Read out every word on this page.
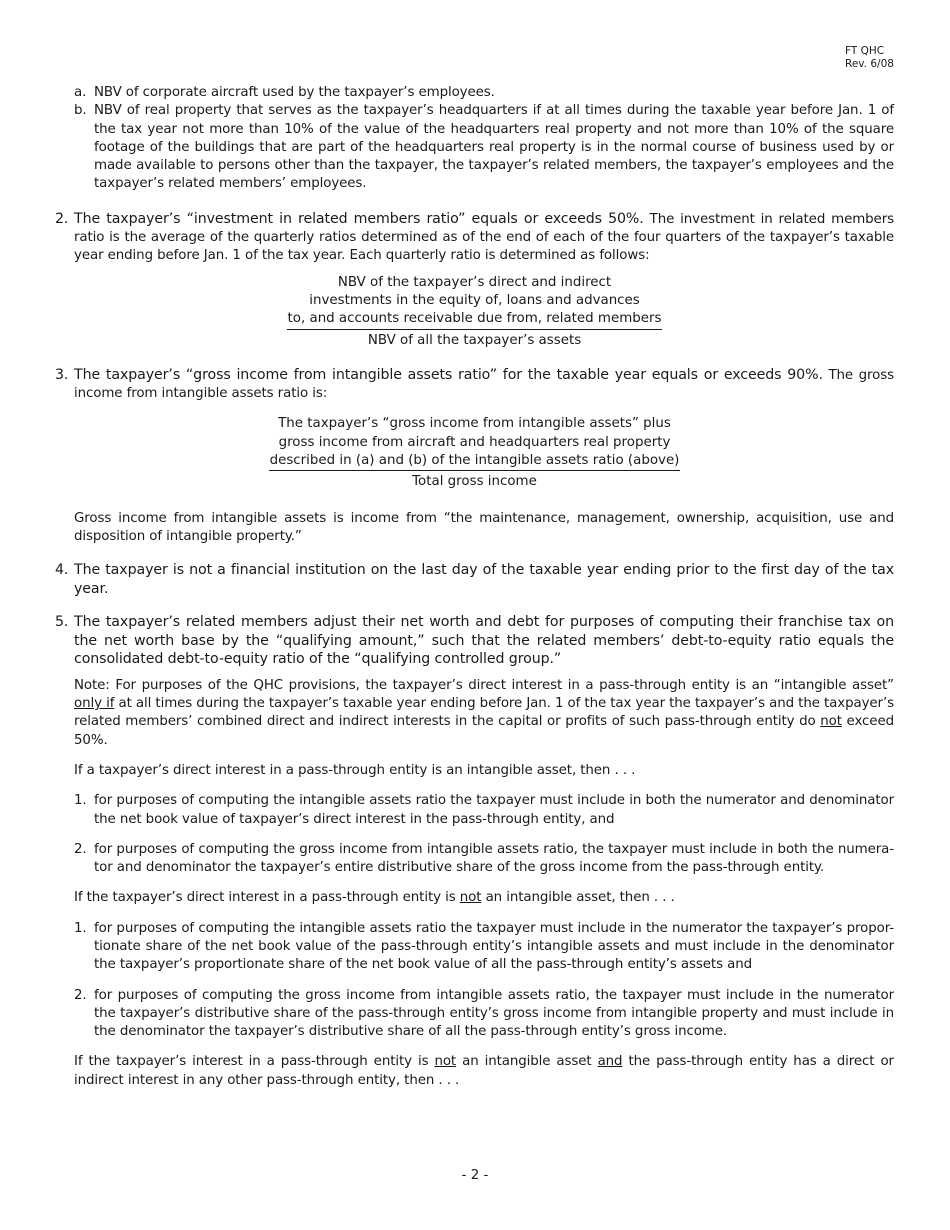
FT QHC
Rev. 6/08
a. NBV of corporate aircraft used by the taxpayer’s employees.
b. NBV of real property that serves as the taxpayer’s headquarters if at all times during the taxable year before Jan. 1 of the tax year not more than 10% of the value of the headquarters real property and not more than 10% of the square footage of the buildings that are part of the headquarters real property is in the normal course of business used by or made available to persons other than the taxpayer, the taxpayer’s related members, the taxpayer’s employees and the taxpayer’s related members’ employees.
2. The taxpayer’s “investment in related members ratio” equals or exceeds 50%. The investment in related members ratio is the average of the quarterly ratios determined as of the end of each of the four quarters of the taxpayer’s taxable year ending before Jan. 1 of the tax year. Each quarterly ratio is determined as follows:
NBV of the taxpayer’s direct and indirect
investments in the equity of, loans and advances
to, and accounts receivable due from, related members
NBV of all the taxpayer’s assets
3. The taxpayer’s “gross income from intangible assets ratio” for the taxable year equals or exceeds 90%. The gross income from intangible assets ratio is:
The taxpayer’s “gross income from intangible assets” plus
gross income from aircraft and headquarters real property
described in (a) and (b) of the intangible assets ratio (above)
Total gross income
Gross income from intangible assets is income from “the maintenance, management, ownership, acquisition, use and disposition of intangible property.”
4. The taxpayer is not a financial institution on the last day of the taxable year ending prior to the first day of the tax year.
5. The taxpayer’s related members adjust their net worth and debt for purposes of computing their franchise tax on the net worth base by the “qualifying amount,” such that the related members’ debt-to-equity ratio equals the consolidated debt-to-equity ratio of the “qualifying controlled group.”
Note: For purposes of the QHC provisions, the taxpayer’s direct interest in a pass-through entity is an “intangible asset” only if at all times during the taxpayer’s taxable year ending before Jan. 1 of the tax year the taxpayer’s and the taxpayer’s related members’ combined direct and indirect interests in the capital or profits of such pass-through entity do not exceed 50%.
If a taxpayer’s direct interest in a pass-through entity is an intangible asset, then . . .
1. for purposes of computing the intangible assets ratio the taxpayer must include in both the numerator and denominator the net book value of taxpayer’s direct interest in the pass-through entity, and
2. for purposes of computing the gross income from intangible assets ratio, the taxpayer must include in both the numera-tor and denominator the taxpayer’s entire distributive share of the gross income from the pass-through entity.
If the taxpayer’s direct interest in a pass-through entity is not an intangible asset, then . . .
1. for purposes of computing the intangible assets ratio the taxpayer must include in the numerator the taxpayer’s propor-tionate share of the net book value of the pass-through entity’s intangible assets and must include in the denominator the taxpayer’s proportionate share of the net book value of all the pass-through entity’s assets and
2. for purposes of computing the gross income from intangible assets ratio, the taxpayer must include in the numerator the taxpayer’s distributive share of the pass-through entity’s gross income from intangible property and must include in the denominator the taxpayer’s distributive share of all the pass-through entity’s gross income.
If the taxpayer’s interest in a pass-through entity is not an intangible asset and the pass-through entity has a direct or indirect interest in any other pass-through entity, then . . .
- 2 -
